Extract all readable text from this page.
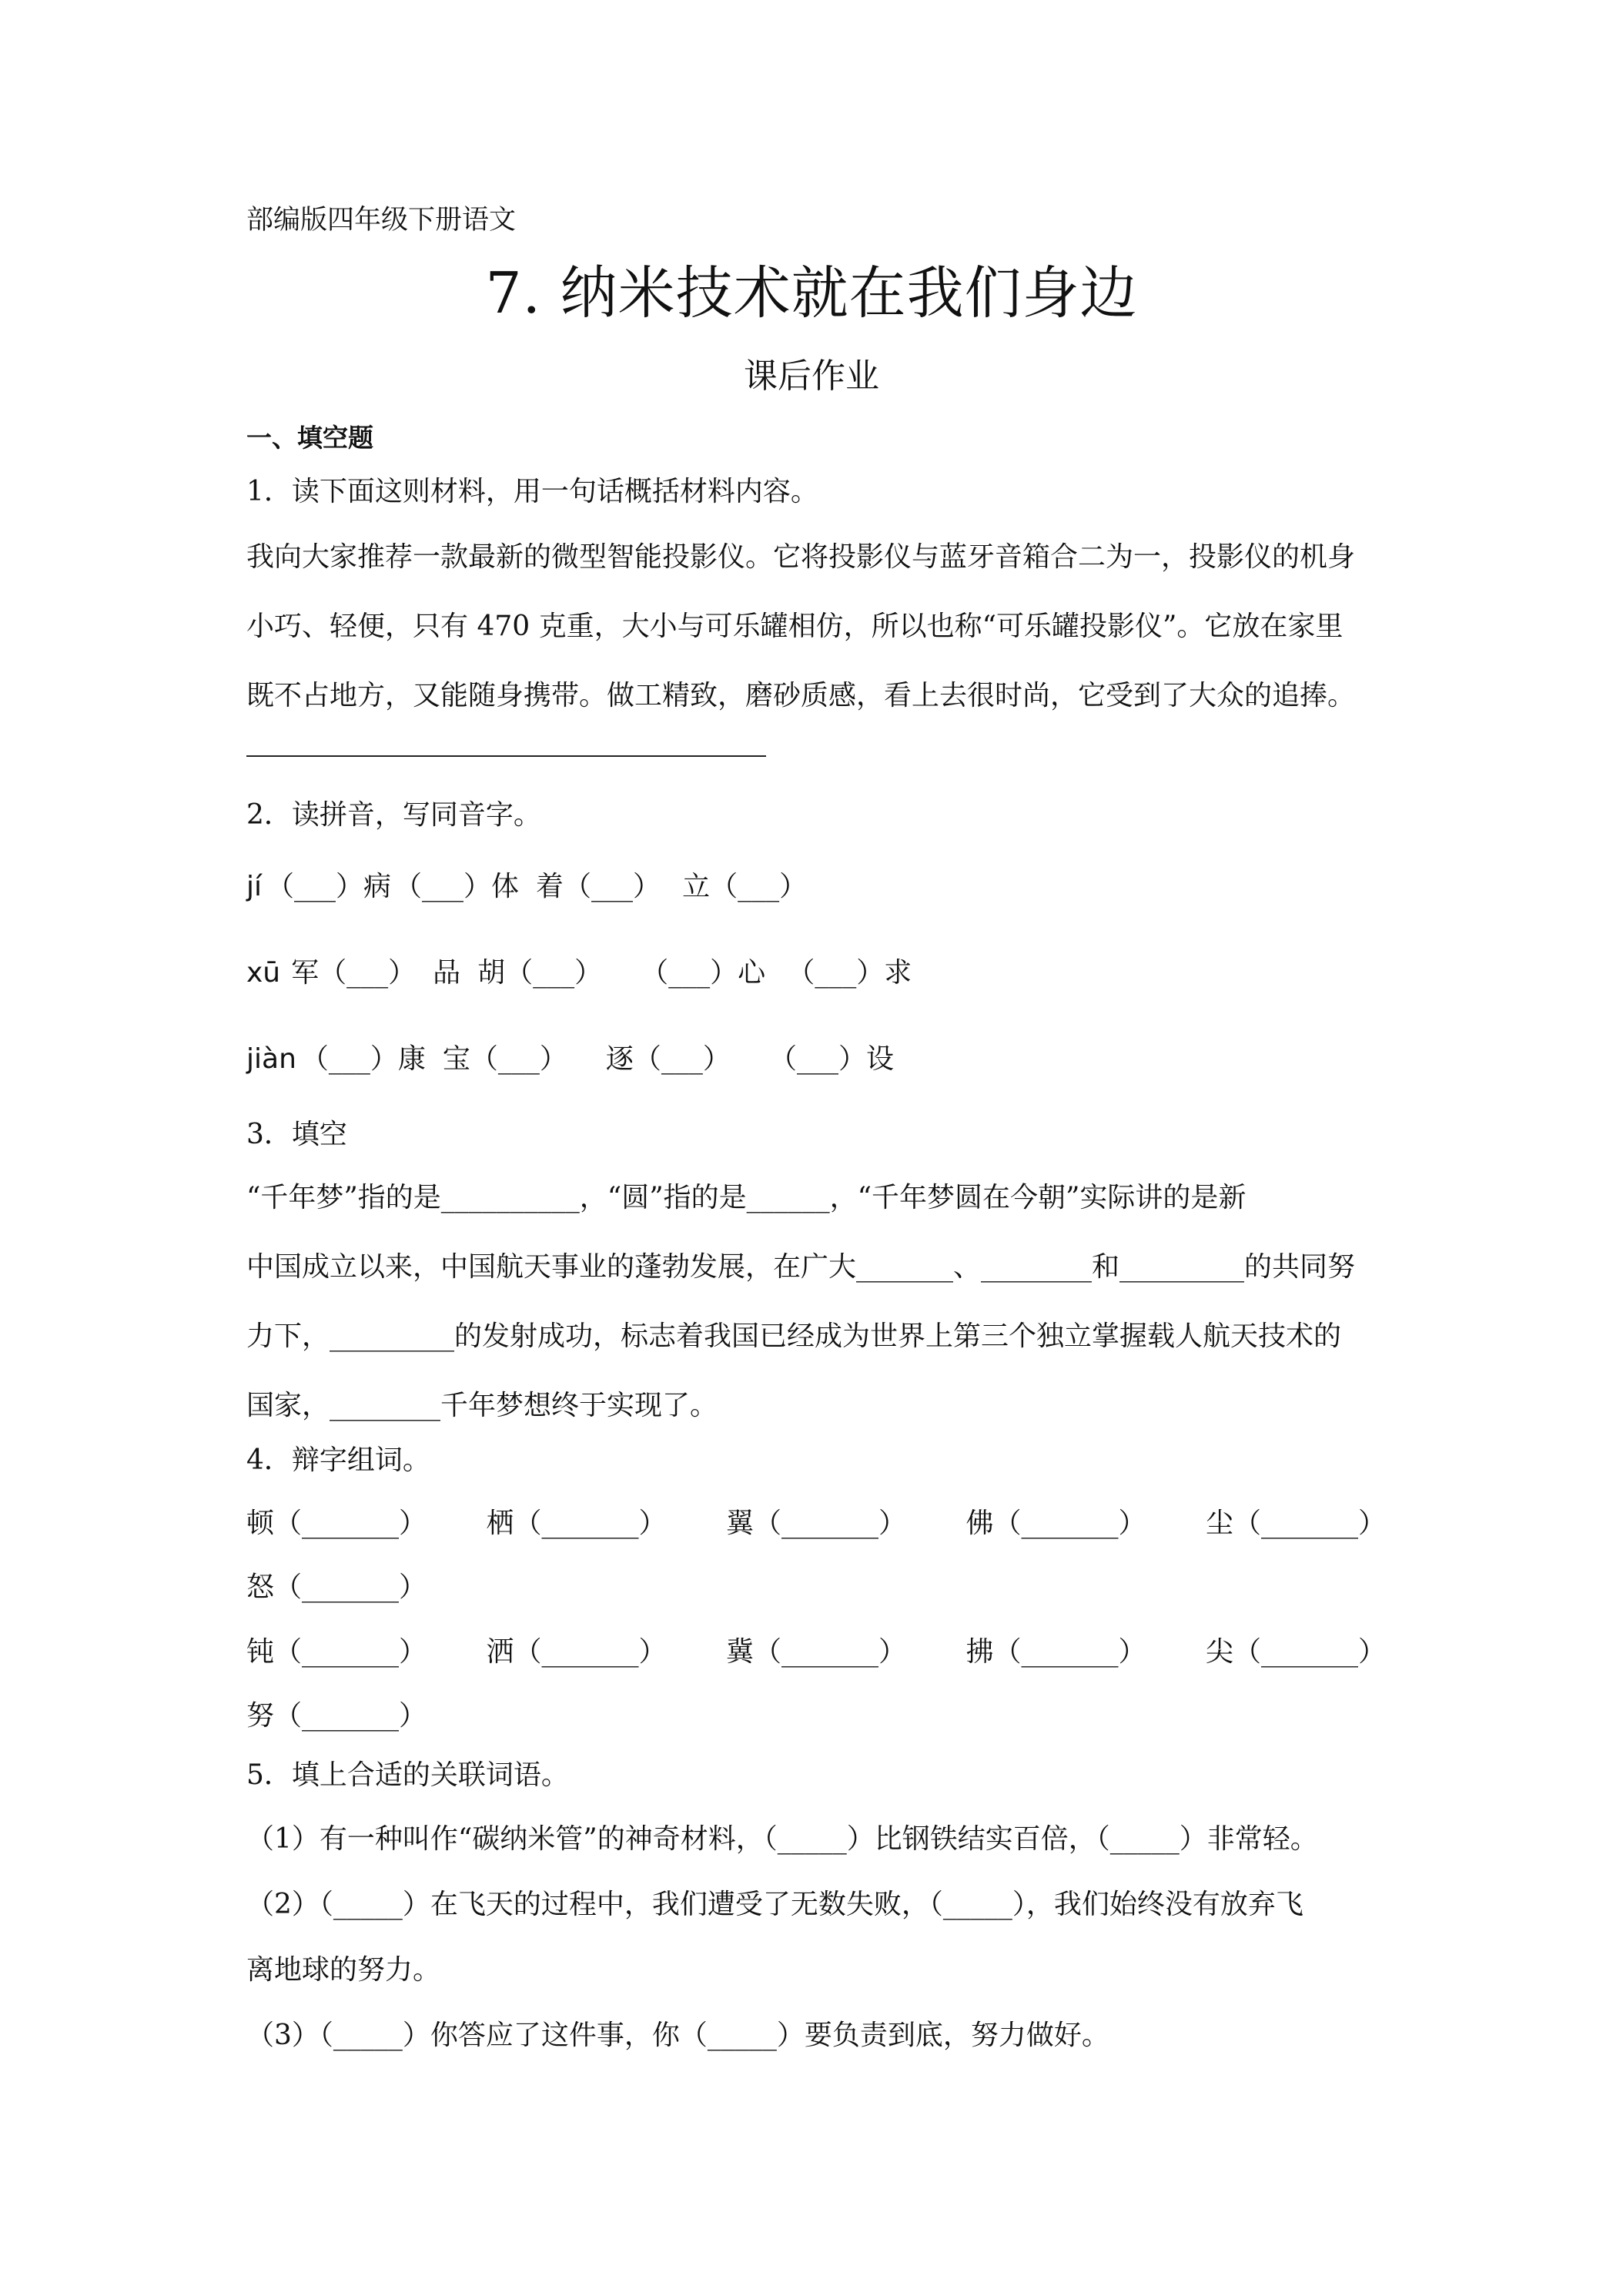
部编版四年级下册语文
7. 纳米技术就在我们身边
课后作业
一、填空题
1．读下面这则材料，用一句话概括材料内容。
我向大家推荐一款最新的微型智能投影仪。它将投影仪与蓝牙音箱合二为一，投影仪的机身
小巧、轻便，只有 470 克重，大小与可乐罐相仿，所以也称“可乐罐投影仪”。它放在家里
既不占地方，又能随身携带。做工精致，磨砂质感，看上去很时尚，它受到了大众的追捧。
2．读拼音，写同音字。
jí （___）病 （___）体 着（___） 立（___）
xū 军（___） 品 胡（___） （___）心 （___）求
jiàn （___）康 宝（___） 逐（___） （___）设
3．填空
“千年梦”指的是__________，“圆”指的是______，“千年梦圆在今朝”实际讲的是新
中国成立以来，中国航天事业的蓬勃发展，在广大_______、________和_________的共同努
力下，_________的发射成功，标志着我国已经成为世界上第三个独立掌握载人航天技术的
国家，________千年梦想终于实现了。
4．辩字组词。
顿（_______） 栖（_______） 翼（_______） 佛（_______） 尘（_______）
怒（_______）
钝（_______） 洒（_______） 冀（_______） 拂（_______） 尖（_______）
努（_______）
5．填上合适的关联词语。
（1）有一种叫作“碳纳米管”的神奇材料，（_____）比钢铁结实百倍，（_____）非常轻。
（2）（_____）在飞天的过程中，我们遭受了无数失败，（_____），我们始终没有放弃飞
离地球的努力。
（3）（_____）你答应了这件事，你（_____）要负责到底，努力做好。
